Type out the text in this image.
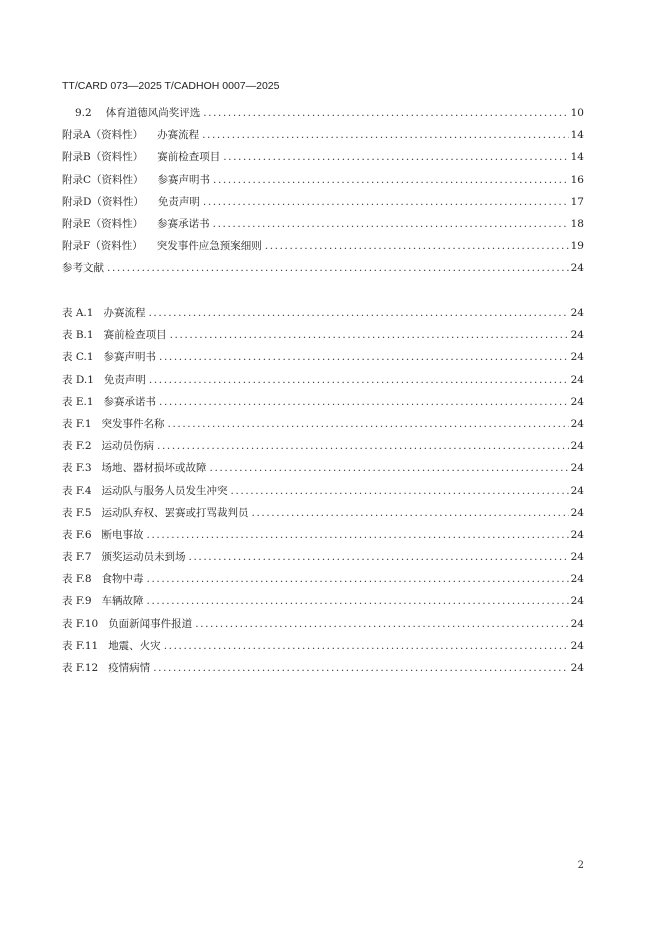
TT/CARD 073—2025 T/CADHOH 0007—2025
9.2 体育道德风尚奖评选 .....	10
附录A（资料性） 办赛流程 .....	14
附录B（资料性） 赛前检查项目 .....	14
附录C（资料性） 参赛声明书 .....	16
附录D（资料性） 免责声明 .....	17
附录E（资料性） 参赛承诺书 .....	18
附录F（资料性） 突发事件应急预案细则 .....	19
参考文献 .....	24
表 A.1 办赛流程 .....	24
表 B.1 赛前检查项目 .....	24
表 C.1 参赛声明书 .....	24
表 D.1 免责声明 .....	24
表 E.1 参赛承诺书 .....	24
表 F.1 突发事件名称 .....	24
表 F.2 运动员伤病 .....	24
表 F.3 场地、器材损坏或故障 .....	24
表 F.4 运动队与服务人员发生冲突 .....	24
表 F.5 运动队弃权、罢赛或打骂裁判员 .....	24
表 F.6 断电事故 .....	24
表 F.7 颁奖运动员未到场 .....	24
表 F.8 食物中毒 .....	24
表 F.9 车辆故障 .....	24
表 F.10 负面新闻事件报道 .....	24
表 F.11 地震、火灾 .....	24
表 F.12 疫情病情 .....	24
2
